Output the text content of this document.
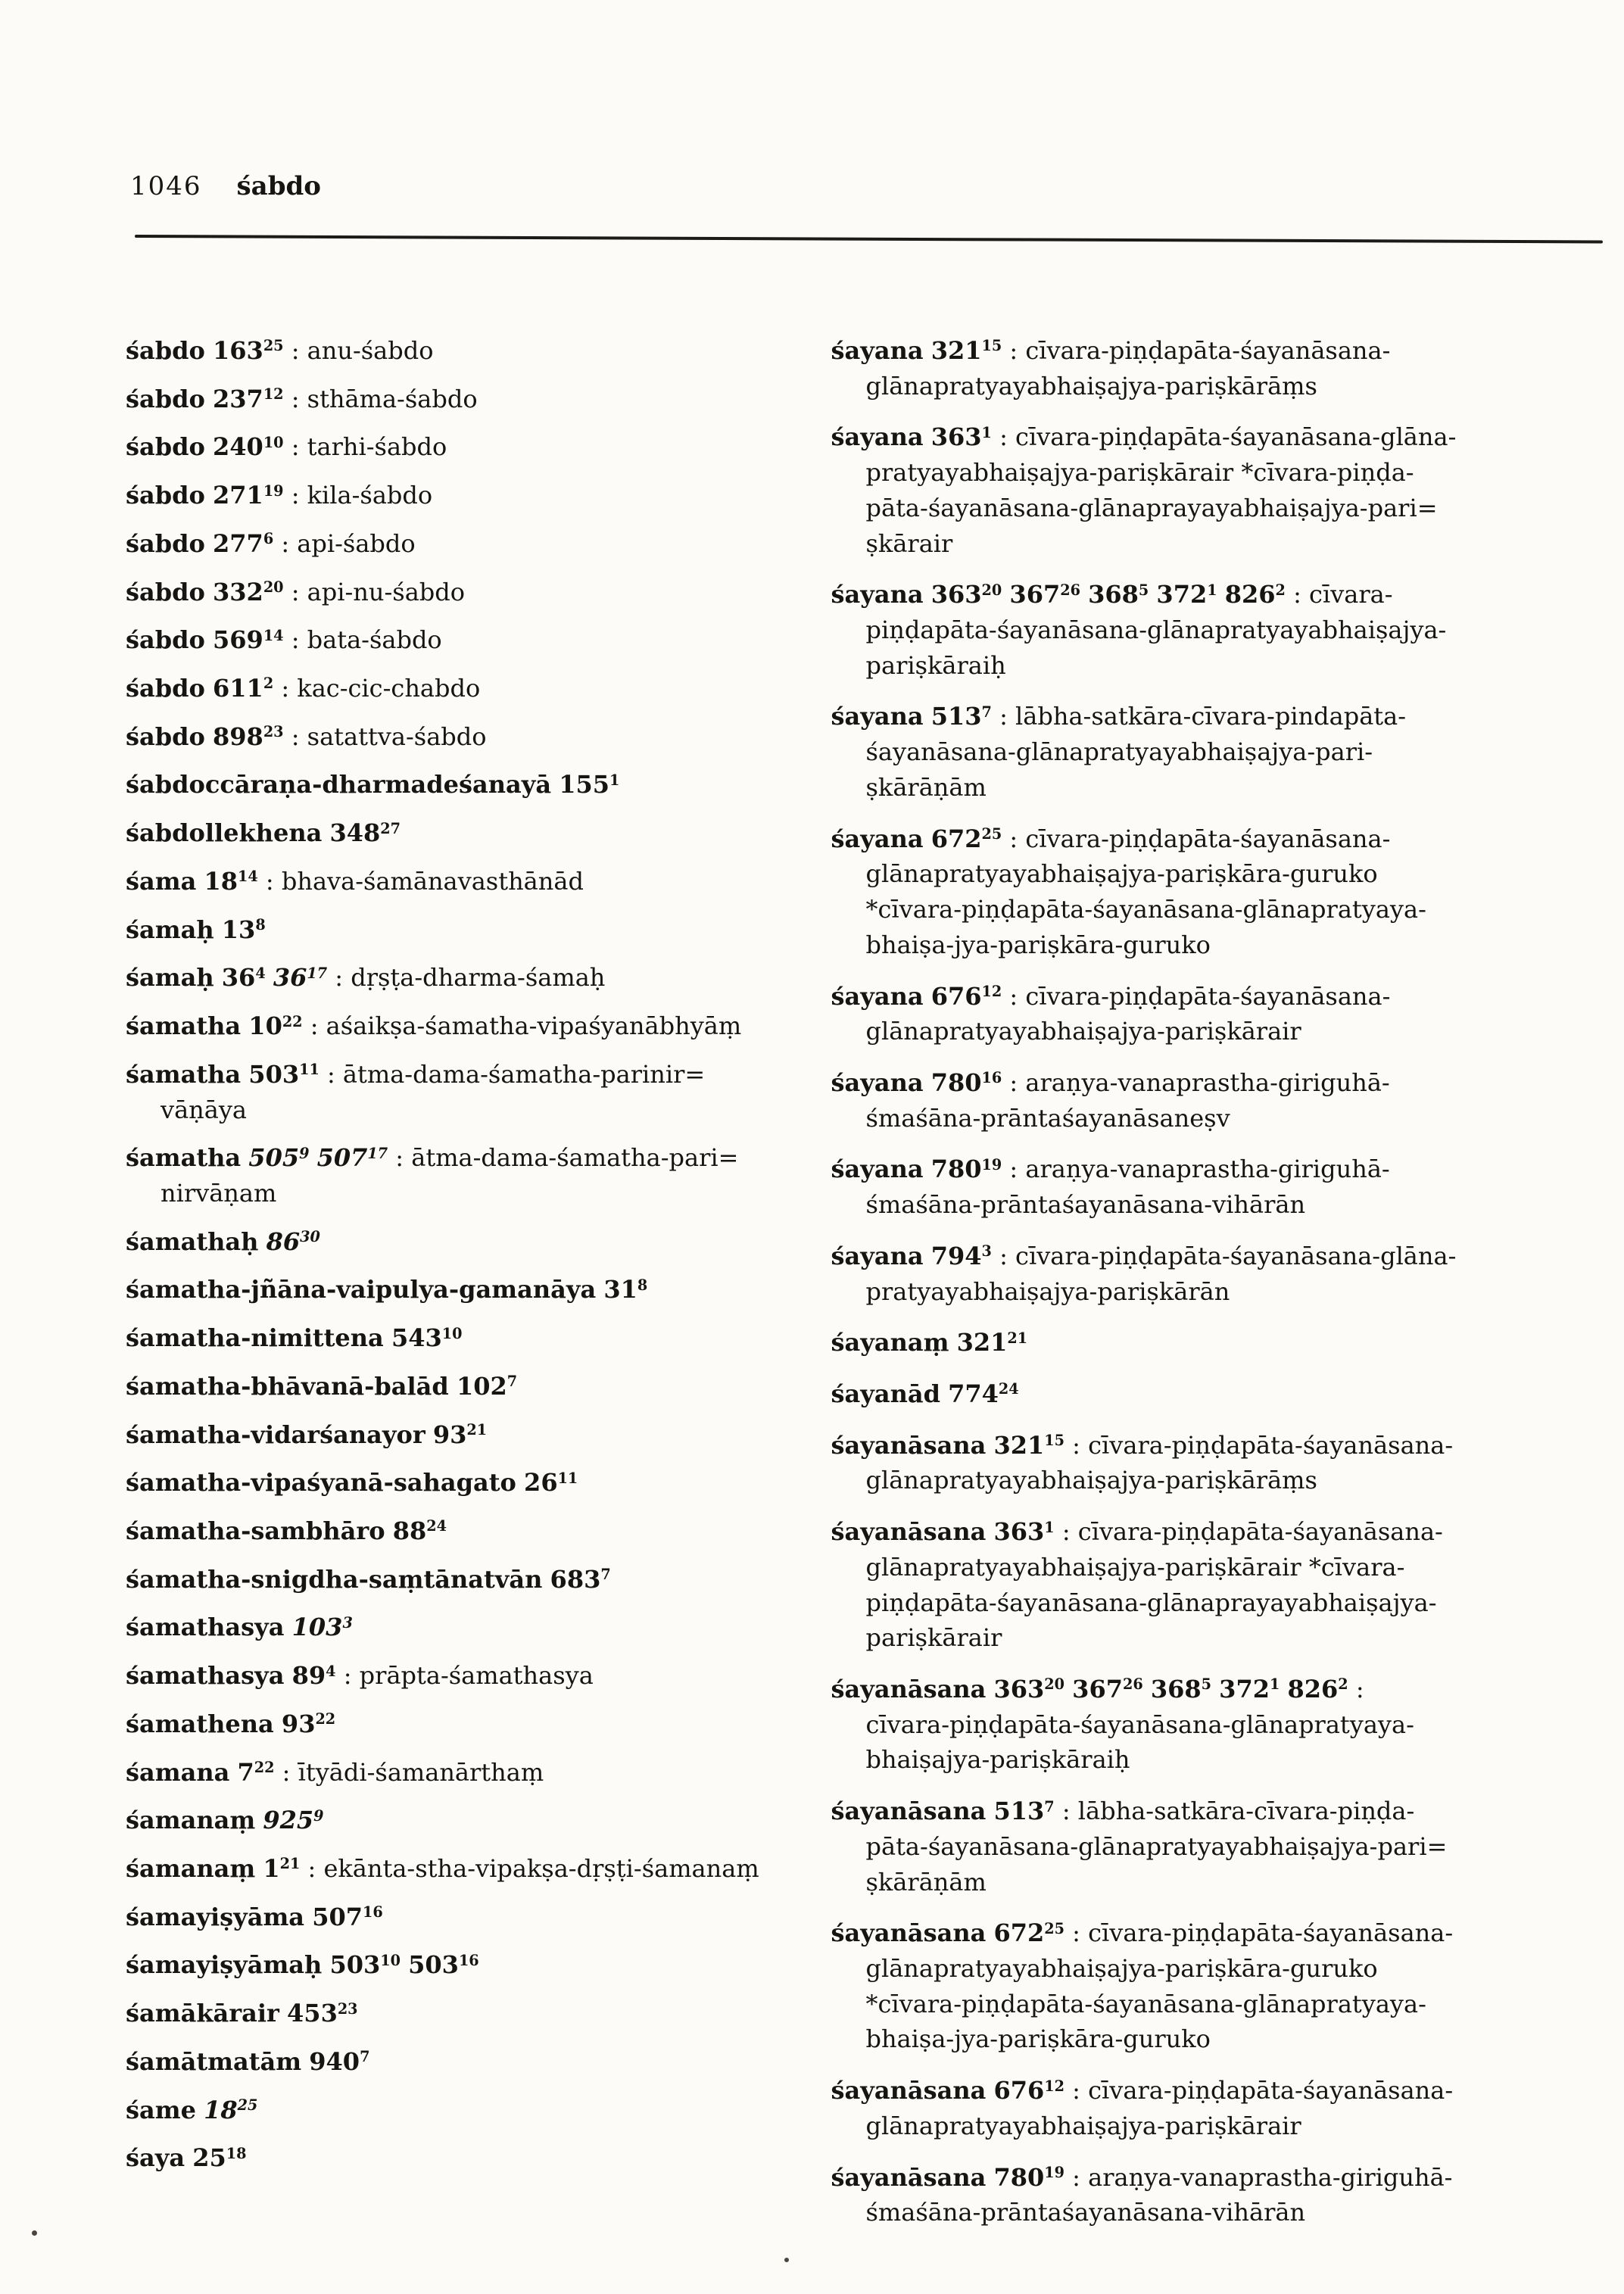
1046 śabdo
śabdo 163$^{25}$ : anu-śabdo
śabdo 237$^{12}$ : sthāma-śabdo
śabdo 240$^{10}$ : tarhi-śabdo
śabdo 271$^{19}$ : kila-śabdo
śabdo 277$^6$ : api-śabdo
śabdo 332$^{20}$ : api-nu-śabdo
śabdo 569$^{14}$ : bata-śabdo
śabdo 611$^2$ : kac-cic-chabdo
śabdo 898$^{23}$ : satattva-śabdo
śabdoccāraṇa-dharmadeśanayā 155$^1$
śabdollekhena 348$^{27}$
śama 18$^{14}$ : bhava-śamānavasthānād
śamaḥ 13$^8$
śamaḥ 36$^4$ 36$^{17}$ : dṛṣṭa-dharma-śamaḥ
śamatha 10$^{22}$ : aśaikṣa-śamatha-vipaśyanābhyāṃ
śamatha 503$^{11}$ : ātma-dama-śamatha-parinir=
vāṇāya
śamatha 505$^9$ 507$^{17}$ : ātma-dama-śamatha-pari=
nirvāṇam
śamathaḥ 86$^{30}$
śamatha-jñāna-vaipulya-gamanāya 31$^8$
śamatha-nimittena 543$^{10}$
śamatha-bhāvanā-balād 102$^7$
śamatha-vidarśanayor 93$^{21}$
śamatha-vipaśyanā-sahagato 26$^{11}$
śamatha-sambhāro 88$^{24}$
śamatha-snigdha-saṃtānatvān 683$^7$
śamathasya 103$^3$
śamathasya 89$^4$ : prāpta-śamathasya
śamathena 93$^{22}$
śamana 7$^{22}$ : ītyādi-śamanārthaṃ
śamanaṃ 925$^9$
śamanaṃ 1$^{21}$ : ekānta-stha-vipakṣa-dṛṣṭi-śamanaṃ
śamayiṣyāma 507$^{16}$
śamayiṣyāmaḥ 503$^{10}$ 503$^{16}$
śamākārair 453$^{23}$
śamātmatām 940$^7$
śame 18$^{25}$
śaya 25$^{18}$
śayana 321$^{15}$ : cīvara-piṇḍapāta-śayanāsana-
glānapratyayabhaiṣajya-pariṣkārāṃs
śayana 363$^1$ : cīvara-piṇḍapāta-śayanāsana-glāna-
pratyayabhaiṣajya-pariṣkārair *cīvara-piṇḍa-
pāta-śayanāsana-glānaprayayabhaiṣajya-pari=
ṣkārair
śayana 363$^{20}$ 367$^{26}$ 368$^5$ 372$^1$ 826$^2$ : cīvara-
piṇḍapāta-śayanāsana-glānapratyayabhaiṣajya-
pariṣkāraiḥ
śayana 513$^7$ : lābha-satkāra-cīvara-pindapāta-
śayanāsana-glānapratyayabhaiṣajya-pari-
ṣkārāṇām
śayana 672$^{25}$ : cīvara-piṇḍapāta-śayanāsana-
glānapratyayabhaiṣajya-pariṣkāra-guruko
*cīvara-piṇḍapāta-śayanāsana-glānapratyaya-
bhaiṣa-jya-pariṣkāra-guruko
śayana 676$^{12}$ : cīvara-piṇḍapāta-śayanāsana-
glānapratyayabhaiṣajya-pariṣkārair
śayana 780$^{16}$ : araṇya-vanaprastha-giriguhā-
śmaśāna-prāntaśayanāsaneṣv
śayana 780$^{19}$ : araṇya-vanaprastha-giriguhā-
śmaśāna-prāntaśayanāsana-vihārān
śayana 794$^3$ : cīvara-piṇḍapāta-śayanāsana-glāna-
pratyayabhaiṣajya-pariṣkārān
śayanaṃ 321$^{21}$
śayanād 774$^{24}$
śayanāsana 321$^{15}$ : cīvara-piṇḍapāta-śayanāsana-
glānapratyayabhaiṣajya-pariṣkārāṃs
śayanāsana 363$^1$ : cīvara-piṇḍapāta-śayanāsana-
glānapratyayabhaiṣajya-pariṣkārair *cīvara-
piṇḍapāta-śayanāsana-glānaprayayabhaiṣajya-
pariṣkārair
śayanāsana 363$^{20}$ 367$^{26}$ 368$^5$ 372$^1$ 826$^2$ :
cīvara-piṇḍapāta-śayanāsana-glānapratyaya-
bhaiṣajya-pariṣkāraiḥ
śayanāsana 513$^7$ : lābha-satkāra-cīvara-piṇḍa-
pāta-śayanāsana-glānapratyayabhaiṣajya-pari=
ṣkārāṇām
śayanāsana 672$^{25}$ : cīvara-piṇḍapāta-śayanāsana-
glānapratyayabhaiṣajya-pariṣkāra-guruko
*cīvara-piṇḍapāta-śayanāsana-glānapratyaya-
bhaiṣa-jya-pariṣkāra-guruko
śayanāsana 676$^{12}$ : cīvara-piṇḍapāta-śayanāsana-
glānapratyayabhaiṣajya-pariṣkārair
śayanāsana 780$^{19}$ : araṇya-vanaprastha-giriguhā-
śmaśāna-prāntaśayanāsana-vihārān
